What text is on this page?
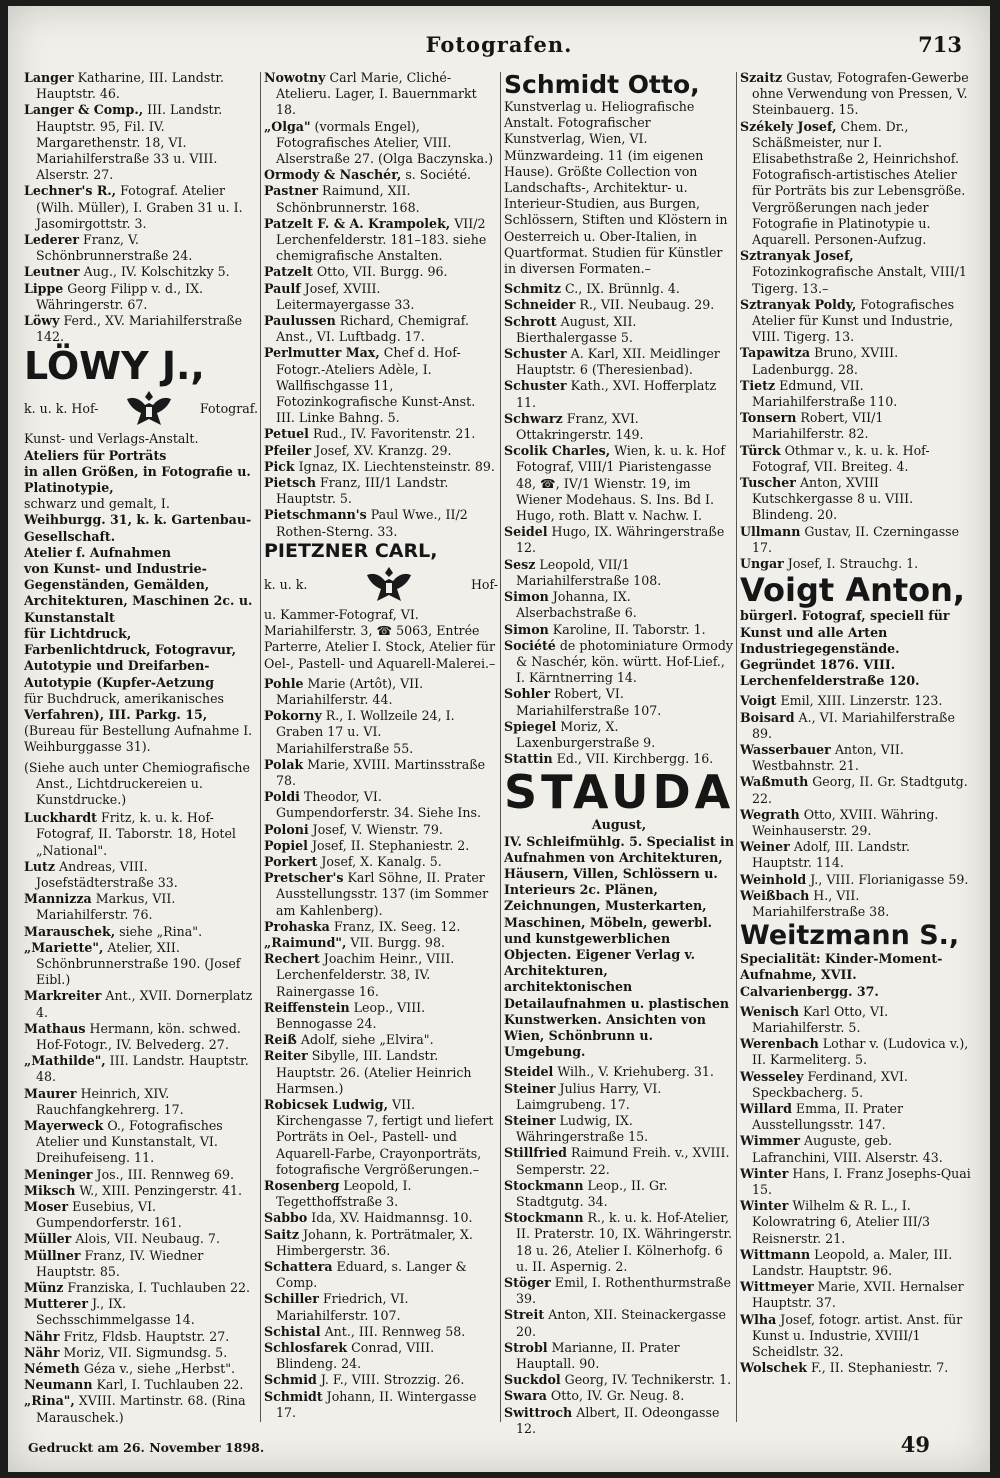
Fotografen.	713

Langer Katharine, III. Landstr. Hauptstr. 46.

Langer & Comp., III. Landstr. Hauptstr. 95, Fil. IV. Margarethenstr. 18, VI. Mariahilferstraße 33 u. VIII. Alserstr. 27.

Lechner's R., Fotograf. Atelier (Wilh. Müller), I. Graben 31 u. I. Jasomirgottstr. 3.

Lederer Franz, V. Schönbrunnerstraße 24.

Leutner Aug., IV. Kolschitzky 5.

Lippe Georg Filipp v. d., IX. Währingerstr. 67.

Löwy Ferd., XV. Mariahilferstraße 142.

LÖWY J.,
k. u. k. Hof-	Fotograf.
Kunst- und Verlags-Anstalt.
Ateliers für Porträts
in allen Größen, in Fotografie u. Platinotypie,
schwarz und gemalt, I.
Weihburgg. 31, k. k. Gartenbau-Gesellschaft.
Atelier f. Aufnahmen
von Kunst- und Industrie-
Gegenständen, Gemälden,
Architekturen, Maschinen 2c. u. Kunstanstalt
für Lichtdruck, Farbenlichtdruck, Fotogravur,
Autotypie und Dreifarben-
Autotypie (Kupfer-Aetzung
für Buchdruck, amerikanisches
Verfahren), III. Parkg. 15,
(Bureau für Bestellung Aufnahme I. Weihburggasse 31).

(Siehe auch unter Chemiografische Anst., Lichtdruckereien u. Kunstdrucke.)

Luckhardt Fritz, k. u. k. Hof-Fotograf, II. Taborstr. 18, Hotel „National".

Lutz Andreas, VIII. Josefstädterstraße 33.

Mannizza Markus, VII. Mariahilferstr. 76.

Marauschek, siehe „Rina".

„Mariette", Atelier, XII. Schönbrunnerstraße 190. (Josef Eibl.)

Markreiter Ant., XVII. Dornerplatz 4.

Mathaus Hermann, kön. schwed. Hof-Fotogr., IV. Belvederg. 27.

„Mathilde", III. Landstr. Hauptstr. 48.

Maurer Heinrich, XIV. Rauchfangkehrerg. 17.

Mayerweck O., Fotografisches Atelier und Kunstanstalt, VI. Dreihufeiseng. 11.

Meninger Jos., III. Rennweg 69.

Miksch W., XIII. Penzingerstr. 41.

Moser Eusebius, VI. Gumpendorferstr. 161.

Müller Alois, VII. Neubaug. 7.

Müllner Franz, IV. Wiedner Hauptstr. 85.

Münz Franziska, I. Tuchlauben 22.

Mutterer J., IX. Sechsschimmelgasse 14.

Nähr Fritz, Fldsb. Hauptstr. 27.

Nähr Moriz, VII. Sigmundsg. 5.

Németh Géza v., siehe „Herbst".

Neumann Karl, I. Tuchlauben 22.

„Rina", XVIII. Martinstr. 68. (Rina Marauschek.)

Nowotny Carl Marie, Cliché-Atelieru. Lager, I. Bauernmarkt 18.

„Olga" (vormals Engel), Fotografisches Atelier, VIII. Alserstraße 27. (Olga Baczynska.)

Ormody & Naschér, s. Société.

Pastner Raimund, XII. Schönbrunnerstr. 168.

Patzelt F. & A. Krampolek, VII/2 Lerchenfelderstr. 181–183. siehe chemigrafische Anstalten.

Patzelt Otto, VII. Burgg. 96.

Paulf Josef, XVIII. Leitermayergasse 33.

Paulussen Richard, Chemigraf. Anst., VI. Luftbadg. 17.

Perlmutter Max, Chef d. Hof-Fotogr.-Ateliers Adèle, I. Wallfischgasse 11, Fotozinkografische Kunst-Anst. III. Linke Bahng. 5.

Petuel Rud., IV. Favoritenstr. 21.

Pfeiler Josef, XV. Kranzg. 29.

Pick Ignaz, IX. Liechtensteinstr. 89.

Pietsch Franz, III/1 Landstr. Hauptstr. 5.

Pietschmann's Paul Wwe., II/2 Rothen-Sterng. 33.

PIETZNER CARL,
k. u. k.	Hof-
u. Kammer-Fotograf, VI. Mariahilferstr. 3, ☎ 5063, Entrée Parterre, Atelier I. Stock, Atelier für Oel-, Pastell- und Aquarell-Malerei.–

Pohle Marie (Artôt), VII. Mariahilferstr. 44.

Pokorny R., I. Wollzeile 24, I. Graben 17 u. VI. Mariahilferstraße 55.

Polak Marie, XVIII. Martinsstraße 78.

Poldi Theodor, VI. Gumpendorferstr. 34. Siehe Ins.

Poloni Josef, V. Wienstr. 79.

Popiel Josef, II. Stephaniestr. 2.

Porkert Josef, X. Kanalg. 5.

Pretscher's Karl Söhne, II. Prater Ausstellungsstr. 137 (im Sommer am Kahlenberg).

Prohaska Franz, IX. Seeg. 12.

„Raimund", VII. Burgg. 98.

Rechert Joachim Heinr., VIII. Lerchenfelderstr. 38, IV. Rainergasse 16.

Reiffenstein Leop., VIII. Bennogasse 24.

Reiß Adolf, siehe „Elvira".

Reiter Sibylle, III. Landstr. Hauptstr. 26. (Atelier Heinrich Harmsen.)

Robicsek Ludwig, VII. Kirchengasse 7, fertigt und liefert Porträts in Oel-, Pastell- und Aquarell-Farbe, Crayonporträts, fotografische Vergrößerungen.–

Rosenberg Leopold, I. Tegetthoffstraße 3.

Sabbo Ida, XV. Haidmannsg. 10.

Saitz Johann, k. Porträtmaler, X. Himbergerstr. 36.

Schattera Eduard, s. Langer & Comp.

Schiller Friedrich, VI. Mariahilferstr. 107.

Schistal Ant., III. Rennweg 58.

Schlosfarek Conrad, VIII. Blindeng. 24.

Schmid J. F., VIII. Strozzig. 26.

Schmidt Johann, II. Wintergasse 17.

Schmidt Otto,
Kunstverlag u. Heliografische Anstalt. Fotografischer Kunstverlag, Wien, VI. Münzwardeing. 11 (im eigenen Hause). Größte Collection von Landschafts-, Architektur- u. Interieur-Studien, aus Burgen, Schlössern, Stiften und Klöstern in Oesterreich u. Ober-Italien, in Quartformat. Studien für Künstler in diversen Formaten.–

Schmitz C., IX. Brünnlg. 4.

Schneider R., VII. Neubaug. 29.

Schrott August, XII. Bierthalergasse 5.

Schuster A. Karl, XII. Meidlinger Hauptstr. 6 (Theresienbad).

Schuster Kath., XVI. Hofferplatz 11.

Schwarz Franz, XVI. Ottakringerstr. 149.

Scolik Charles, Wien, k. u. k. Hof Fotograf, VIII/1 Piaristengasse 48, ☎, IV/1 Wienstr. 19, im Wiener Modehaus. S. Ins. Bd I. Hugo, roth. Blatt v. Nachw. I.

Seidel Hugo, IX. Währingerstraße 12.

Sesz Leopold, VII/1 Mariahilferstraße 108.

Simon Johanna, IX. Alserbachstraße 6.

Simon Karoline, II. Taborstr. 1.

Société de photominiature Ormody & Naschér, kön. württ. Hof-Lief., I. Kärntnerring 14.

Sohler Robert, VI. Mariahilferstraße 107.

Spiegel Moriz, X. Laxenburgerstraße 9.

Stattin Ed., VII. Kirchbergg. 16.

STAUDA
August,
IV. Schleifmühlg. 5. Specialist in Aufnahmen von Architekturen, Häusern, Villen, Schlössern u. Interieurs 2c. Plänen, Zeichnungen, Musterkarten, Maschinen, Möbeln, gewerbl. und kunstgewerblichen Objecten. Eigener Verlag v. Architekturen, architektonischen Detailaufnahmen u. plastischen Kunstwerken. Ansichten von Wien, Schönbrunn u. Umgebung.

Steidel Wilh., V. Kriehuberg. 31.

Steiner Julius Harry, VI. Laimgrubeng. 17.

Steiner Ludwig, IX. Währingerstraße 15.

Stillfried Raimund Freih. v., XVIII. Semperstr. 22.

Stockmann Leop., II. Gr. Stadtgutg. 34.

Stockmann R., k. u. k. Hof-Atelier, II. Praterstr. 10, IX. Währingerstr. 18 u. 26, Atelier I. Kölnerhofg. 6 u. II. Aspernig. 2.

Stöger Emil, I. Rothenthurmstraße 39.

Streit Anton, XII. Steinackergasse 20.

Strobl Marianne, II. Prater Hauptall. 90.

Suckdol Georg, IV. Technikerstr. 1.

Swara Otto, IV. Gr. Neug. 8.

Swittroch Albert, II. Odeongasse 12.

Szaitz Gustav, Fotografen-Gewerbe ohne Verwendung von Pressen, V. Steinbauerg. 15.

Székely Josef, Chem. Dr., Schäßmeister, nur I. Elisabethstraße 2, Heinrichshof. Fotografisch-artistisches Atelier für Porträts bis zur Lebensgröße. Vergrößerungen nach jeder Fotografie in Platinotypie u. Aquarell. Personen-Aufzug.

Sztranyak Josef, Fotozinkografische Anstalt, VIII/1 Tigerg. 13.–

Sztranyak Poldy, Fotografisches Atelier für Kunst und Industrie, VIII. Tigerg. 13.

Tapawitza Bruno, XVIII. Ladenburgg. 28.

Tietz Edmund, VII. Mariahilferstraße 110.

Tonsern Robert, VII/1 Mariahilferstr. 82.

Türck Othmar v., k. u. k. Hof-Fotograf, VII. Breiteg. 4.

Tuscher Anton, XVIII Kutschkergasse 8 u. VIII. Blindeng. 20.

Ullmann Gustav, II. Czerningasse 17.

Ungar Josef, I. Strauchg. 1.

Voigt Anton,
bürgerl. Fotograf, speciell für Kunst und alle Arten Industriegegenstände. Gegründet 1876. VIII. Lerchenfelderstraße 120.

Voigt Emil, XIII. Linzerstr. 123.

Boisard A., VI. Mariahilferstraße 89.

Wasserbauer Anton, VII. Westbahnstr. 21.

Waßmuth Georg, II. Gr. Stadtgutg. 22.

Wegrath Otto, XVIII. Währing. Weinhauserstr. 29.

Weiner Adolf, III. Landstr. Hauptstr. 114.

Weinhold J., VIII. Florianigasse 59.

Weißbach H., VII. Mariahilferstraße 38.

Weitzmann S.,
Specialität: Kinder-Moment-Aufnahme, XVII. Calvarienbergg. 37.

Wenisch Karl Otto, VI. Mariahilferstr. 5.

Werenbach Lothar v. (Ludovica v.), II. Karmeliterg. 5.

Wesseley Ferdinand, XVI. Speckbacherg. 5.

Willard Emma, II. Prater Ausstellungsstr. 147.

Wimmer Auguste, geb. Lafranchini, VIII. Alserstr. 43.

Winter Hans, I. Franz Josephs-Quai 15.

Winter Wilhelm & R. L., I. Kolowratring 6, Atelier III/3 Reisnerstr. 21.

Wittmann Leopold, a. Maler, III. Landstr. Hauptstr. 96.

Wittmeyer Marie, XVII. Hernalser Hauptstr. 37.

Wlha Josef, fotogr. artist. Anst. für Kunst u. Industrie, XVIII/1 Scheidlstr. 32.

Wolschek F., II. Stephaniestr. 7.

Gedruckt am 26. November 1898.	49
